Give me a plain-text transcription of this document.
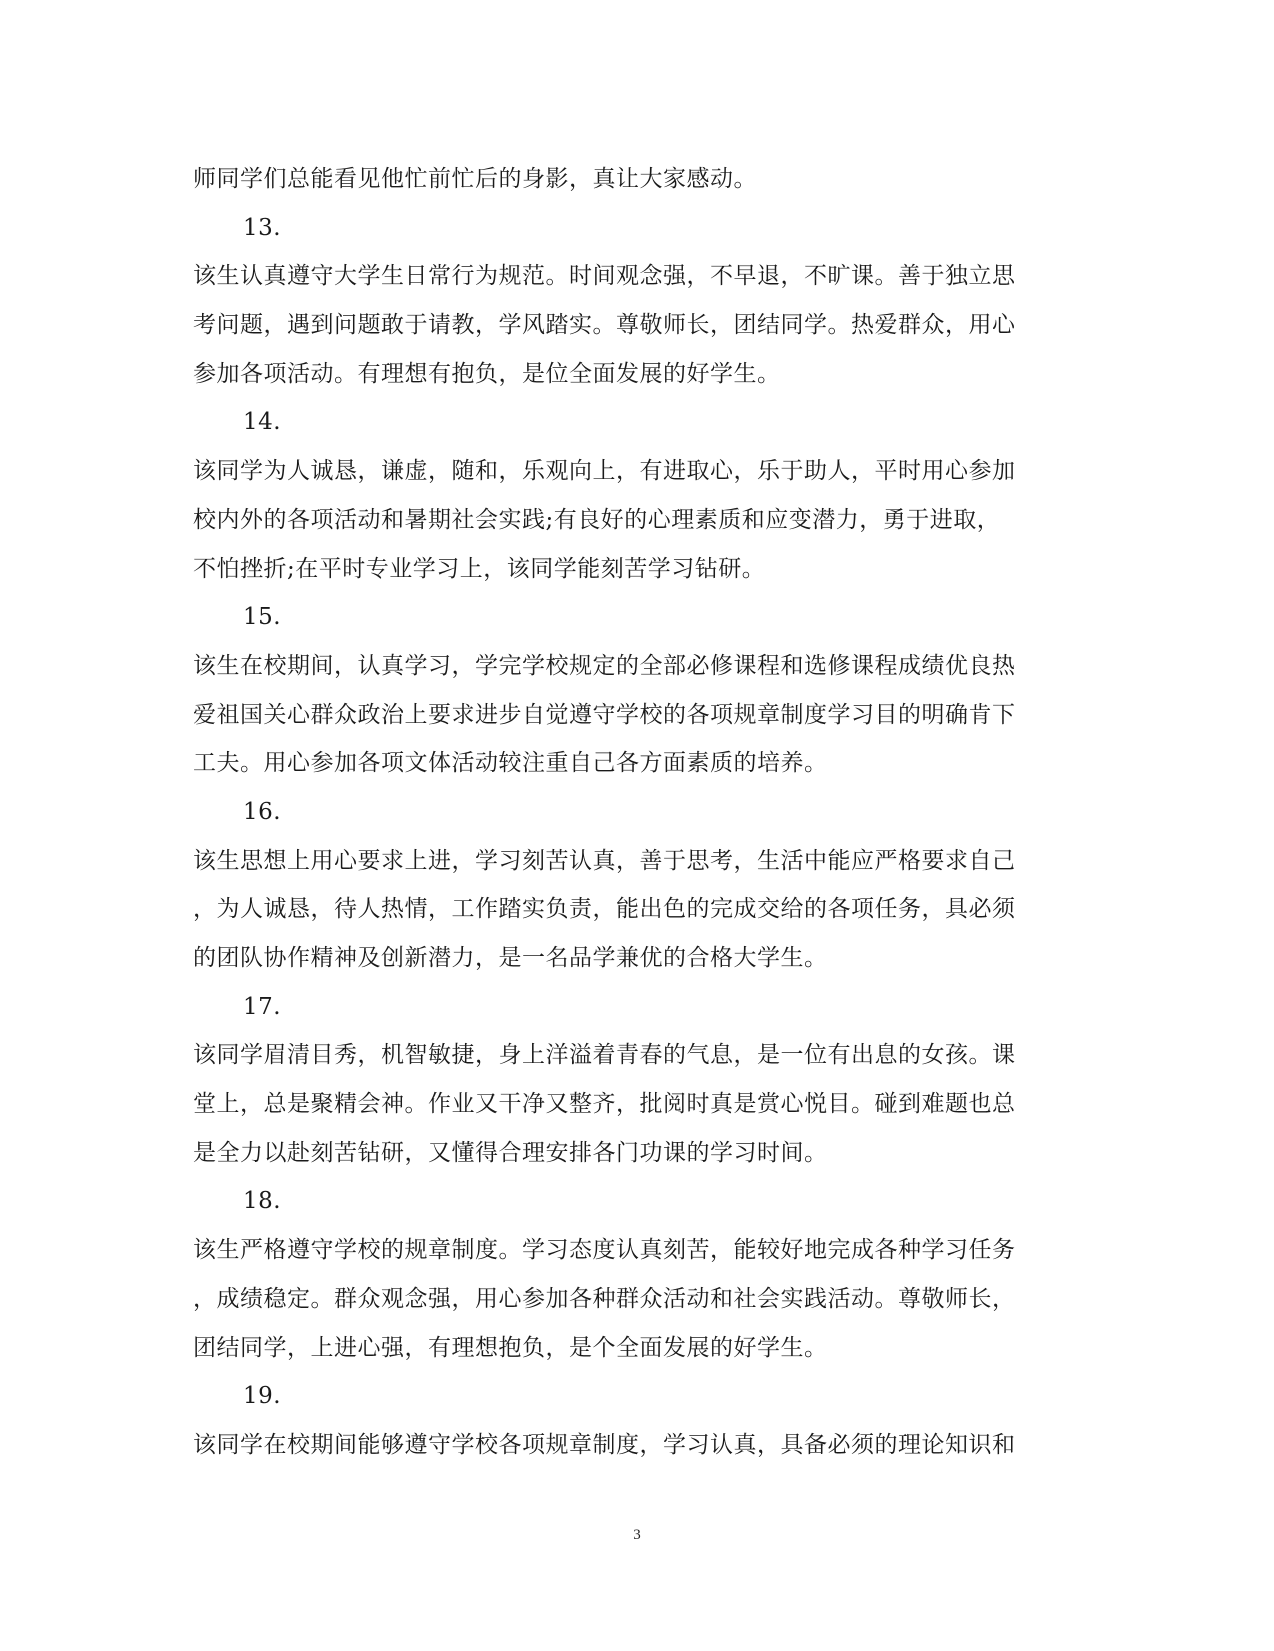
师同学们总能看见他忙前忙后的身影，真让大家感动。
13.
该生认真遵守大学生日常行为规范。时间观念强，不早退，不旷课。善于独立思
考问题，遇到问题敢于请教，学风踏实。尊敬师长，团结同学。热爱群众，用心
参加各项活动。有理想有抱负，是位全面发展的好学生。
14.
该同学为人诚恳，谦虚，随和，乐观向上，有进取心，乐于助人，平时用心参加
校内外的各项活动和暑期社会实践;有良好的心理素质和应变潜力，勇于进取，
不怕挫折;在平时专业学习上，该同学能刻苦学习钻研。
15.
该生在校期间，认真学习，学完学校规定的全部必修课程和选修课程成绩优良热
爱祖国关心群众政治上要求进步自觉遵守学校的各项规章制度学习目的明确肯下
工夫。用心参加各项文体活动较注重自己各方面素质的培养。
16.
该生思想上用心要求上进，学习刻苦认真，善于思考，生活中能应严格要求自己
，为人诚恳，待人热情，工作踏实负责，能出色的完成交给的各项任务，具必须
的团队协作精神及创新潜力，是一名品学兼优的合格大学生。
17.
该同学眉清目秀，机智敏捷，身上洋溢着青春的气息，是一位有出息的女孩。课
堂上，总是聚精会神。作业又干净又整齐，批阅时真是赏心悦目。碰到难题也总
是全力以赴刻苦钻研，又懂得合理安排各门功课的学习时间。
18.
该生严格遵守学校的规章制度。学习态度认真刻苦，能较好地完成各种学习任务
，成绩稳定。群众观念强，用心参加各种群众活动和社会实践活动。尊敬师长，
团结同学，上进心强，有理想抱负，是个全面发展的好学生。
19.
该同学在校期间能够遵守学校各项规章制度，学习认真，具备必须的理论知识和
3
